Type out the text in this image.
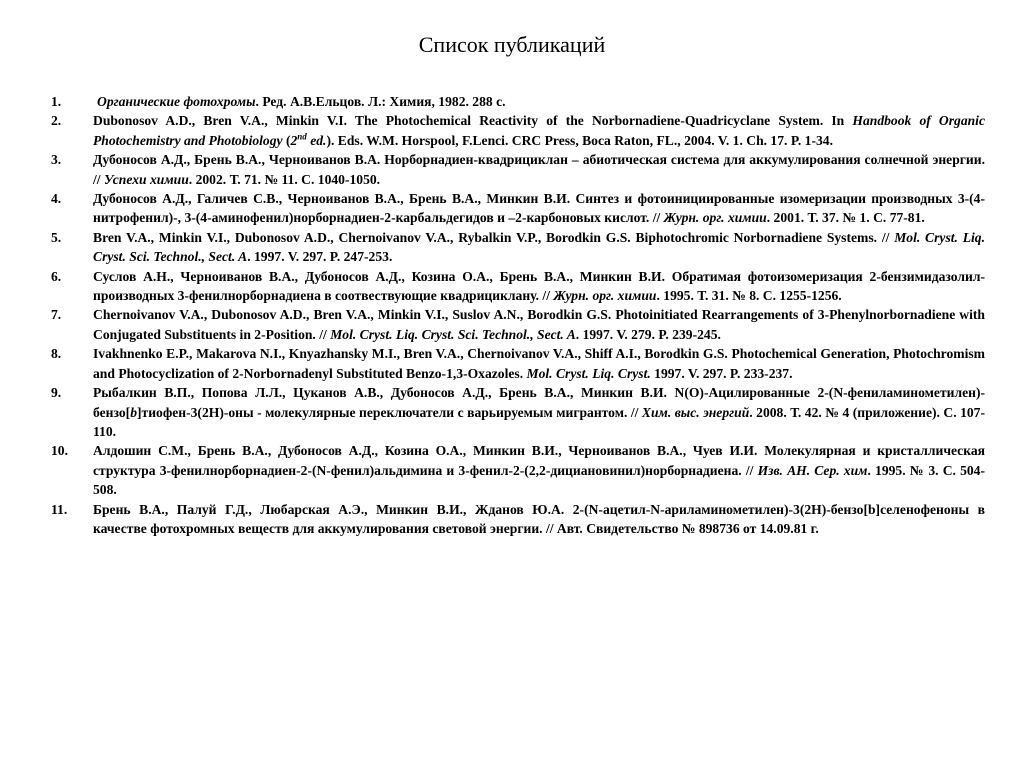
Список публикаций
1.	Органические фотохромы. Ред. А.В.Ельцов. Л.: Химия, 1982. 288 с.
2.	Dubonosov A.D., Bren V.A., Minkin V.I. The Photochemical Reactivity of the Norbornadiene-Quadricyclane System. In Handbook of Organic Photochemistry and Photobiology (2nd ed.). Eds. W.M. Horspool, F.Lenci. CRC Press, Boca Raton, FL., 2004. V. 1. Ch. 17. P. 1-34.
3.	Дубоносов А.Д., Брень В.А., Черноиванов В.А. Норборнадиен-квадрициклан – абиотическая система для аккумулирования солнечной энергии. // Успехи химии. 2002. Т. 71. № 11. С. 1040-1050.
4.	Дубоносов А.Д., Галичев С.В., Черноиванов В.А., Брень В.А., Минкин В.И. Синтез и фотоинициированные изомеризации производных 3-(4-нитрофенил)-, 3-(4-аминофенил)норборнадиен-2-карбальдегидов и –2-карбоновых кислот. // Журн. орг. химии. 2001. Т. 37. № 1. С. 77-81.
5.	Bren V.A., Minkin V.I., Dubonosov A.D., Chernoivanov V.A., Rybalkin V.P., Borodkin G.S. Biphotochromic Norbornadiene Systems. // Mol. Cryst. Liq. Cryst. Sci. Technol., Sect. A. 1997. V. 297. P. 247-253.
6.	Суслов А.Н., Черноиванов В.А., Дубоносов А.Д., Козина О.А., Брень В.А., Минкин В.И. Обратимая фотоизомеризация 2-бензимидазолил-производных 3-фенилнорборнадиена в соотвествующие квадрициклану. // Журн. орг. химии. 1995. Т. 31. № 8. С. 1255-1256.
7.	Chernoivanov V.A., Dubonosov A.D., Bren V.A., Minkin V.I., Suslov A.N., Borodkin G.S. Photoinitiated Rearrangements of 3-Phenylnorbornadiene with Conjugated Substituents in 2-Position. // Mol. Cryst. Liq. Cryst. Sci. Technol., Sect. A. 1997. V. 279. P. 239-245.
8.	Ivakhnenko E.P., Makarova N.I., Knyazhansky M.I., Bren V.A., Chernoivanov V.A., Shiff A.I., Borodkin G.S. Photochemical Generation, Photochromism and Photocyclization of 2-Norbornadenyl Substituted Benzo-1,3-Oxazoles. Mol. Cryst. Liq. Cryst. 1997. V. 297. P. 233-237.
9.	Рыбалкин В.П., Попова Л.Л., Цуканов А.В., Дубоносов А.Д., Брень В.А., Минкин В.И. N(O)-Ацилированные 2-(N-фениламинометилен)-бензо[b]тиофен-3(2Н)-оны - молекулярные переключатели с варьируемым мигрантом. // Хим. выс. энергий. 2008. Т. 42. № 4 (приложение). С. 107-110.
10.	Алдошин С.М., Брень В.А., Дубоносов А.Д., Козина О.А., Минкин В.И., Черноиванов В.А., Чуев И.И. Молекулярная и кристаллическая структура 3-фенилнорборнадиен-2-(N-фенил)альдимина и 3-фенил-2-(2,2-дицианoвинил)норборнадиена. // Изв. АН. Сер. хим. 1995. № 3. С. 504-508.
11.	Брень В.А., Палуй Г.Д., Любарская А.Э., Минкин В.И., Жданов Ю.А. 2-(N-ацетил-N-ариламинометилен)-3(2Н)-бензо[b]селенофеноны в качестве фотохромных веществ для аккумулирования световой энергии. // Авт. Свидетельство № 898736 от 14.09.81 г.
